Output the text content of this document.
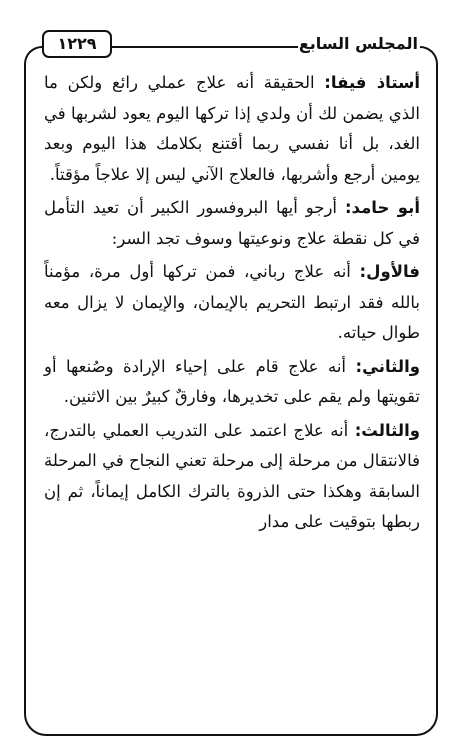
١٢٢٩	المجلس السابع

أستاذ فيفا: الحقيقة أنه علاج عملي رائع ولكن ما الذي يضمن لك أن ولدي إذا تركها اليوم يعود لشربها في الغد، بل أنا نفسي ربما أقتنع بكلامك هذا اليوم وبعد يومين أرجع وأشربها، فالعلاج الآني ليس إلا علاجاً مؤقتاً.

أبو حامد: أرجو أيها البروفسور الكبير أن تعيد التأمل في كل نقطة علاج ونوعيتها وسوف تجد السر:

فالأول: أنه علاج رباني، فمن تركها أول مرة، مؤمناً بالله فقد ارتبط التحريم بالإيمان، والإيمان لا يزال معه طوال حياته.

والثاني: أنه علاج قام على إحياء الإرادة وصُنعها أو تقويتها ولم يقم على تخديرها، وفارقٌ كبيرٌ بين الاثنين.

والثالث: أنه علاج اعتمد على التدريب العملي بالتدرج، فالانتقال من مرحلة إلى مرحلة تعني النجاح في المرحلة السابقة وهكذا حتى الذروة بالترك الكامل إيماناً، ثم إن ربطها بتوقيت على مدار
